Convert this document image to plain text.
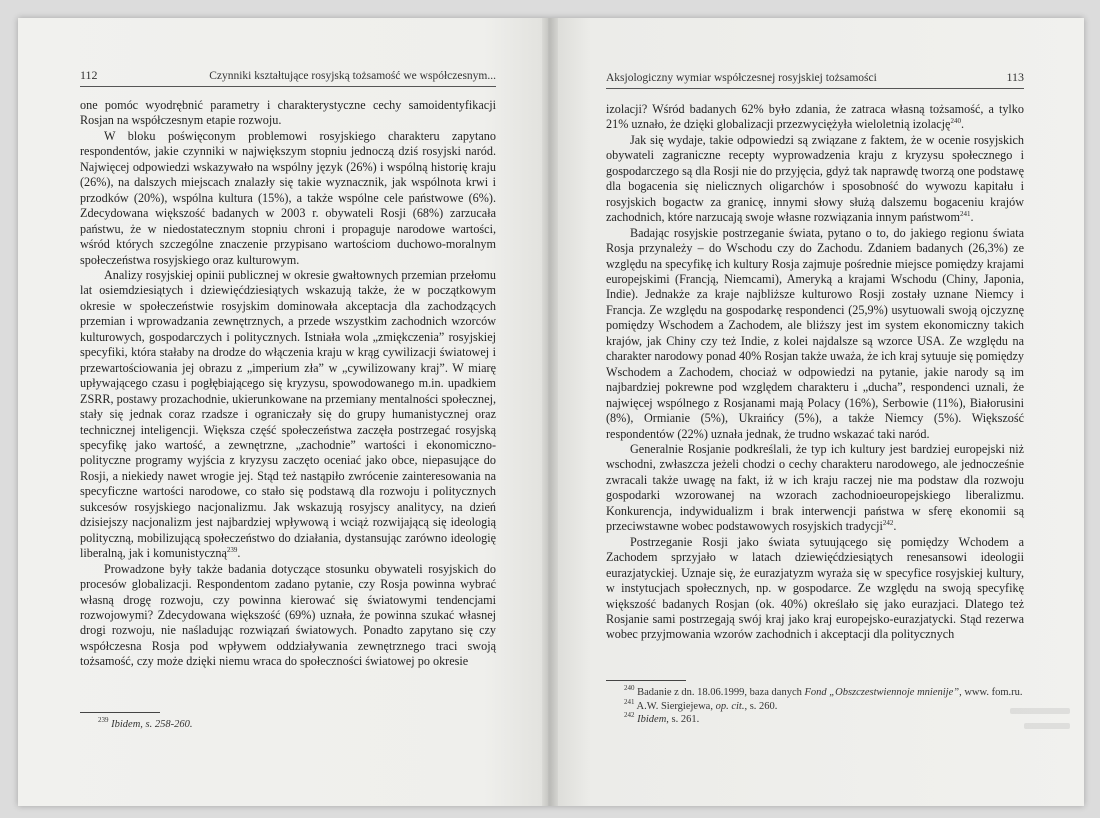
112	Czynniki kształtujące rosyjską tożsamość we współczesnym...

one pomóc wyodrębnić parametry i charakterystyczne cechy samoidentyfikacji Rosjan na współczesnym etapie rozwoju.

W bloku poświęconym problemowi rosyjskiego charakteru zapytano respondentów, jakie czynniki w największym stopniu jednoczą dziś rosyjski naród. Najwięcej odpowiedzi wskazywało na wspólny język (26%) i wspólną historię kraju (26%), na dalszych miejscach znalazły się takie wyznacznik, jak wspólnota krwi i przodków (20%), wspólna kultura (15%), a także wspólne cele państwowe (6%). Zdecydowana większość badanych w 2003 r. obywateli Rosji (68%) zarzucała państwu, że w niedostatecznym stopniu chroni i propaguje narodowe wartości, wśród których szczególne znaczenie przypisano wartościom duchowo-moralnym społeczeństwa rosyjskiego oraz kulturowym.

Analizy rosyjskiej opinii publicznej w okresie gwałtownych przemian przełomu lat osiemdziesiątych i dziewięćdziesiątych wskazują także, że w początkowym okresie w społeczeństwie rosyjskim dominowała akceptacja dla zachodzących przemian i wprowadzania zewnętrznych, a przede wszystkim zachodnich wzorców kulturowych, gospodarczych i politycznych. Istniała wola „zmiękczenia” rosyjskiej specyfiki, która stałaby na drodze do włączenia kraju w krąg cywilizacji światowej i przewartościowania jej obrazu z „imperium zła” w „cywilizowany kraj”. W miarę upływającego czasu i pogłębiającego się kryzysu, spowodowanego m.in. upadkiem ZSRR, postawy prozachodnie, ukierunkowane na przemiany mentalności społecznej, stały się jednak coraz rzadsze i ograniczały się do grupy humanistycznej oraz technicznej inteligencji. Większa część społeczeństwa zaczęła postrzegać rosyjską specyfikę jako wartość, a zewnętrzne, „zachodnie” wartości i ekonomiczno-polityczne programy wyjścia z kryzysu zaczęto oceniać jako obce, niepasujące do Rosji, a niekiedy nawet wrogie jej. Stąd też nastąpiło zwrócenie zainteresowania na specyficzne wartości narodowe, co stało się podstawą dla rozwoju i politycznych sukcesów rosyjskiego nacjonalizmu. Jak wskazują rosyjscy analitycy, na dzień dzisiejszy nacjonalizm jest najbardziej wpływową i wciąż rozwijającą się ideologią polityczną, mobilizującą społeczeństwo do działania, dystansując zarówno ideologię liberalną, jak i komunistyczną$^{239}$.

Prowadzone były także badania dotyczące stosunku obywateli rosyjskich do procesów globalizacji. Respondentom zadano pytanie, czy Rosja powinna wybrać własną drogę rozwoju, czy powinna kierować się światowymi tendencjami rozwojowymi? Zdecydowana większość (69%) uznała, że powinna szukać własnej drogi rozwoju, nie naśladując rozwiązań światowych. Ponadto zapytano się czy współczesna Rosja pod wpływem oddziaływania zewnętrznego traci swoją tożsamość, czy może dzięki niemu wraca do społeczności światowej po okresie

$^{239}$ Ibidem, s. 258-260.

Aksjologiczny wymiar współczesnej rosyjskiej tożsamości	113

izolacji? Wśród badanych 62% było zdania, że zatraca własną tożsamość, a tylko 21% uznało, że dzięki globalizacji przezwyciężyła wieloletnią izolację$^{240}$.

Jak się wydaje, takie odpowiedzi są związane z faktem, że w ocenie rosyjskich obywateli zagraniczne recepty wyprowadzenia kraju z kryzysu społecznego i gospodarczego są dla Rosji nie do przyjęcia, gdyż tak naprawdę tworzą one podstawę dla bogacenia się nielicznych oligarchów i sposobność do wywozu kapitału i rosyjskich bogactw za granicę, innymi słowy służą dalszemu bogaceniu krajów zachodnich, które narzucają swoje własne rozwiązania innym państwom$^{241}$.

Badając rosyjskie postrzeganie świata, pytano o to, do jakiego regionu świata Rosja przynależy – do Wschodu czy do Zachodu. Zdaniem badanych (26,3%) ze względu na specyfikę ich kultury Rosja zajmuje pośrednie miejsce pomiędzy krajami europejskimi (Francją, Niemcami), Ameryką a krajami Wschodu (Chiny, Japonia, Indie). Jednakże za kraje najbliższe kulturowo Rosji zostały uznane Niemcy i Francja. Ze względu na gospodarkę respondenci (25,9%) usytuowali swoją ojczyznę pomiędzy Wschodem a Zachodem, ale bliższy jest im system ekonomiczny takich krajów, jak Chiny czy też Indie, z kolei najdalsze są wzorce USA. Ze względu na charakter narodowy ponad 40% Rosjan także uważa, że ich kraj sytuuje się pomiędzy Wschodem a Zachodem, chociaż w odpowiedzi na pytanie, jakie narody są im najbardziej pokrewne pod względem charakteru i „ducha”, respondenci uznali, że najwięcej wspólnego z Rosjanami mają Polacy (16%), Serbowie (11%), Białorusini (8%), Ormianie (5%), Ukraińcy (5%), a także Niemcy (5%). Większość respondentów (22%) uznała jednak, że trudno wskazać taki naród.

Generalnie Rosjanie podkreślali, że typ ich kultury jest bardziej europejski niż wschodni, zwłaszcza jeżeli chodzi o cechy charakteru narodowego, ale jednocześnie zwracali także uwagę na fakt, iż w ich kraju raczej nie ma podstaw dla rozwoju gospodarki wzorowanej na wzorach zachodnioeuropejskiego liberalizmu. Konkurencja, indywidualizm i brak interwencji państwa w sferę ekonomii są przeciwstawne wobec podstawowych rosyjskich tradycji$^{242}$.

Postrzeganie Rosji jako świata sytuującego się pomiędzy Wchodem a Zachodem sprzyjało w latach dziewięćdziesiątych renesansowi ideologii eurazjatyckiej. Uznaje się, że eurazjatyzm wyraża się w specyfice rosyjskiej kultury, w instytucjach społecznych, np. w gospodarce. Ze względu na swoją specyfikę większość badanych Rosjan (ok. 40%) określało się jako eurazjaci. Dlatego też Rosjanie sami postrzegają swój kraj jako kraj europejsko-eurazjatycki. Stąd rezerwa wobec przyjmowania wzorów zachodnich i akceptacji dla politycznych

$^{240}$ Badanie z dn. 18.06.1999, baza danych Fond „Obszczestwiennoje mnienije”, www. fom.ru.

$^{241}$ A.W. Siergiejewa, op. cit., s. 260.

$^{242}$ Ibidem, s. 261.
